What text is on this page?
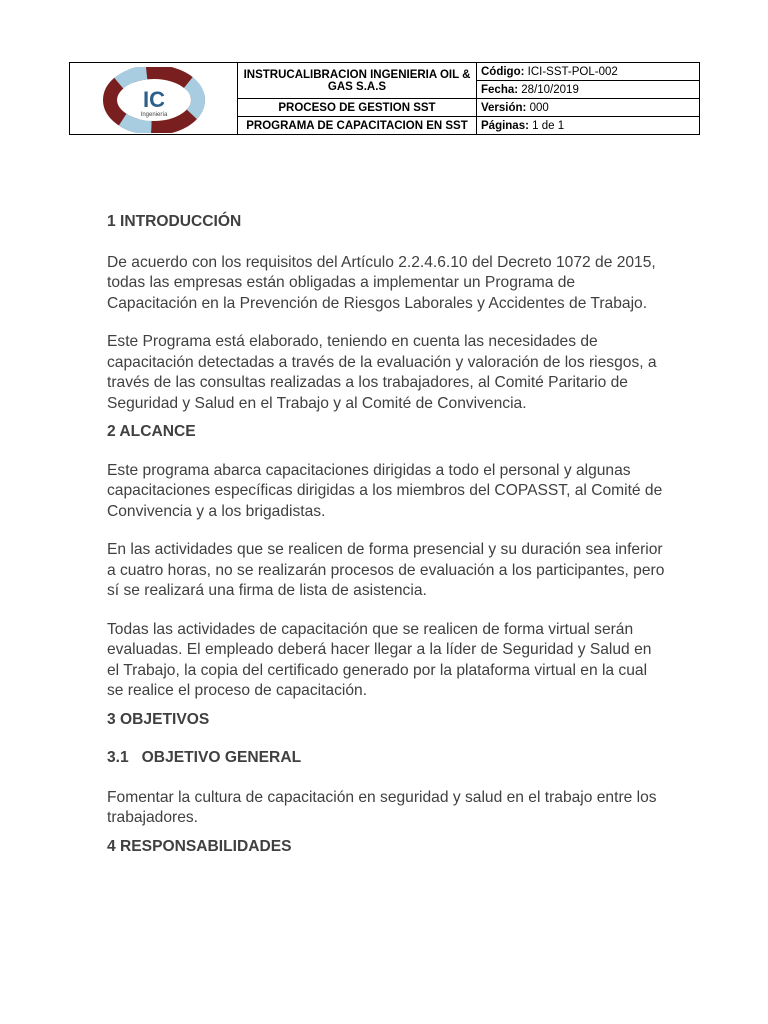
IC
Ingeniería
INSTRUCALIBRACION INGENIERIA OIL & GAS S.A.S	Código: ICI-SST-POL-002
	Fecha: 28/10/2019
PROCESO DE GESTION SST	Versión: 000
PROGRAMA DE CAPACITACION EN SST	Páginas: 1 de 1
1 INTRODUCCIÓN

De acuerdo con los requisitos del Artículo 2.2.4.6.10 del Decreto 1072 de 2015, todas las empresas están obligadas a implementar un Programa de Capacitación en la Prevención de Riesgos Laborales y Accidentes de Trabajo.

Este Programa está elaborado, teniendo en cuenta las necesidades de capacitación detectadas a través de la evaluación y valoración de los riesgos, a través de las consultas realizadas a los trabajadores, al Comité Paritario de Seguridad y Salud en el Trabajo y al Comité de Convivencia.

2 ALCANCE

Este programa abarca capacitaciones dirigidas a todo el personal y algunas capacitaciones específicas dirigidas a los miembros del COPASST, al Comité de Convivencia y a los brigadistas.

En las actividades que se realicen de forma presencial y su duración sea inferior a cuatro horas, no se realizarán procesos de evaluación a los participantes, pero sí se realizará una firma de lista de asistencia.

Todas las actividades de capacitación que se realicen de forma virtual serán evaluadas. El empleado deberá hacer llegar a la líder de Seguridad y Salud en el Trabajo, la copia del certificado generado por la plataforma virtual en la cual se realice el proceso de capacitación.

3 OBJETIVOS
3.1   OBJETIVO GENERAL

Fomentar la cultura de capacitación en seguridad y salud en el trabajo entre los trabajadores.

4 RESPONSABILIDADES
